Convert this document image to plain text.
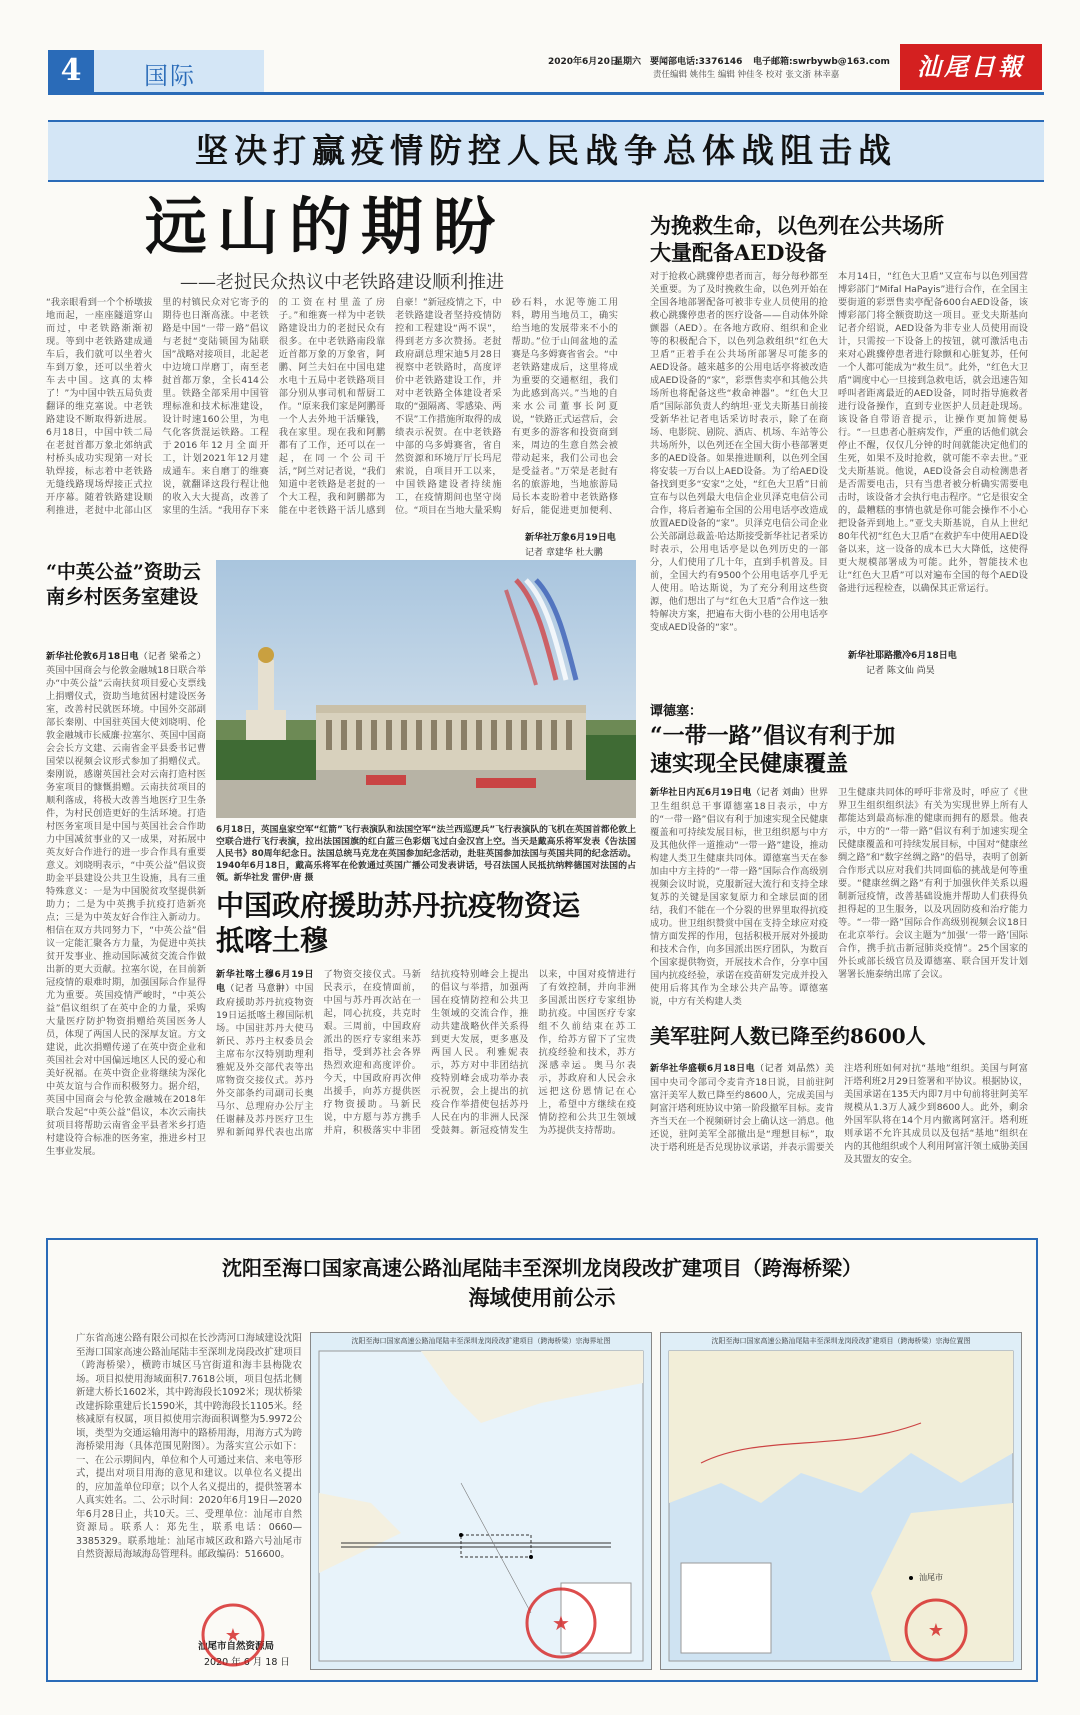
4	国际	2020年6月20日
星期六 要闻部电话:3376146 电子邮箱:swrbywb@163.com
责任编辑 姚伟生 编辑 钟佳冬 校对 张文浙 林幸嘉	汕尾日報
坚决打赢疫情防控人民战争总体战阻击战
远山的期盼
——老挝民众热议中老铁路建设顺利推进
“我亲眼看到一个个桥墩拔地而起，一座座隧道穿山而过，中老铁路渐渐初现。等到中老铁路建成通车后，我们就可以坐着火车到万象，还可以坐着火车去中国。这真的太棒了！”为中国中铁五局负责翻译的维克塞说。中老铁路建设不断取得新进展。6月18日，中国中铁二局在老挝首都万象北郊纳武村桥头成功实现第一对长轨焊接，标志着中老铁路无缝线路现场焊接正式拉开序幕。随着铁路建设顺利推进，老挝中北部山区里的村镇民众对它寄予的期待也日渐高涨。中老铁路是中国“一带一路”倡议与老挝“变陆锁国为陆联国”战略对接项目，北起老中边境口岸磨丁，南至老挝首都万象，全长414公里。铁路全部采用中国管理标准和技术标准建设，设计时速160公里，为电气化客货混运铁路。工程于2016年12月全面开工，计划2021年12月建成通车。来自磨丁的维赛说，就翻译这段行程让他的收入大大提高，改善了家里的生活。“我用存下来的工资在村里盖了房子。”和维赛一样为中老铁路建设出力的老挝民众有很多。在中老铁路南段靠近首都万象的万象省，阿鹏、阿兰夫妇在中国电建水电十五局中老铁路项目部分别从事司机和帮厨工作。“原来我们家是阿鹏哥一个人去外地干活赚钱，我在家里。现在我和阿鹏都有了工作，还可以在一起，在同一个公司干活，”阿兰对记者说，“我们知道中老铁路是老挝的一个大工程，我和阿鹏都为能在中老铁路干活儿感到自豪！”新冠疫情之下，中老铁路建设者坚持疫情防控和工程建设“两不误”，得到老方多次赞扬。老挝政府副总理宋迪5月28日视察中老铁路时，高度评价中老铁路建设工作，并对中老铁路全体建设者采取的“强隔离、零感染、两不误”工作措施所取得的成绩表示祝贺。在中老铁路中部的乌多姆赛省，省自然资源和环境厅厅长玛尼索说，自项目开工以来，中国铁路建设者持续施工，在疫情期间也坚守岗位。“项目在当地大量采购砂石料，水泥等施工用料，聘用当地员工，确实给当地的发展带来不小的帮助。”位于山间盆地的孟赛是乌多姆赛省省会。“中老铁路建成后，这里将成为重要的交通枢纽，我们为此感到高兴。”当地的自来水公司董事长阿夏说，“铁路正式运营后，会有更多的游客和投资商到来，周边的生意自然会被带动起来，我们公司也会是受益者。”万荣是老挝有名的旅游地，当地旅游局局长本麦盼着中老铁路修好后，能促进更加便利、
新华社万象6月19日电
记者 章建华 杜大鹏
为挽救生命，以色列在公共场所大量配备AED设备
对于抢救心跳骤停患者而言，每分每秒都至关重要。为了及时挽救生命，以色列开始在全国各地部署配备可被非专业人员使用的抢救心跳骤停患者的医疗设备——自动体外除颤器（AED）。在各地方政府、组织和企业等的积极配合下，以色列急救组织“红色大卫盾”正着手在公共场所部署尽可能多的AED设备。越来越多的公用电话亭将被改造成AED设备的“家”，彩票售卖亭和其他公共场所也将配备这些“救命神器”。“红色大卫盾”国际部负责人约纳坦·亚戈夫斯基日前接受新华社记者电话采访时表示，除了在商场、电影院、剧院、酒店、机场、车站等公共场所外，以色列还在全国大街小巷部署更多的AED设备。如果推进顺利，以色列全国将安装一万台以上AED设备。为了给AED设备找到更多“安家”之处，“红色大卫盾”日前宣布与以色列最大电信企业贝泽克电信公司合作，将后者遍布全国的公用电话亭改造成放置AED设备的“家”。贝泽克电信公司企业公关部副总裁盖·哈达斯接受新华社记者采访时表示，公用电话亭是以色列历史的一部分，人们使用了几十年，直到手机普及。目前，全国大约有9500个公用电话亭几乎无人使用。哈达斯说，为了充分利用这些资源，他们想出了与“红色大卫盾”合作这一独特解决方案，把遍布大街小巷的公用电话亭变成AED设备的“家”。
本月14日，“红色大卫盾”又宣布与以色列国营博彩部门“Mifal HaPayis”进行合作，在全国主要街道的彩票售卖亭配备600台AED设备，该博彩部门将全额资助这一项目。亚戈夫斯基向记者介绍说，AED设备为非专业人员使用而设计，只需按一下设备上的按钮，就可激活电击来对心跳骤停患者进行除颤和心脏复苏，任何一个人都可能成为“救生员”。此外，“红色大卫盾”调度中心一旦接到急救电话，就会迅速告知呼叫者距离最近的AED设备，同时指导施救者进行设备操作，直到专业医护人员赶赴现场。该设备自带语音提示，让操作更加简便易行。“一旦患者心脏病发作，严重的话他们就会停止不醒，仅仅几分钟的时间就能决定他们的生死，如果不及时抢救，就可能不幸去世。”亚戈夫斯基说。他说，AED设备会自动检测患者是否需要电击，只有当患者被分析确实需要电击时，该设备才会执行电击程序。“它是很安全的，最糟糕的事情也就是你可能会操作不小心把设备弄到地上。”亚戈夫斯基说，自从上世纪80年代初“红色大卫盾”在救护车中使用AED设备以来，这一设备的成本已大大降低，这使得更大规模部署成为可能。此外，智能技术也让“红色大卫盾”可以对遍布全国的每个AED设备进行远程检查，以确保其正常运行。
新华社耶路撒冷6月18日电
记者 陈文仙 尚昊
“中英公益”资助云南乡村医务室建设
新华社伦敦6月18日电（记者 梁希之）英国中国商会与伦敦金融城18日联合举办“中英公益”云南扶贫项目爱心支票线上捐赠仪式，资助当地贫困村建设医务室，改善村民就医环境。中国外交部副部长秦刚、中国驻英国大使刘晓明、伦敦金融城市长威廉·拉塞尔、英国中国商会会长方文建、云南省金平县委书记曹国荣以视频会议形式参加了捐赠仪式。秦刚说，感谢英国社会对云南打造村医务室项目的慷慨捐赠。云南扶贫项目的顺利落成，将极大改善当地医疗卫生条件，为村民创造更好的生活环境。打造村医务室项目是中国与英国社会合作助力中国减贫事业的又一成果，对拓展中英友好合作进行的进一步合作具有重要意义。刘晓明表示，“中英公益”倡议资助金平县建设公共卫生设施，具有三重特殊意义：一是为中国脱贫攻坚提供新助力；二是为中英携手抗疫打造新亮点；三是为中英友好合作注入新动力。相信在双方共同努力下，“中英公益”倡议一定能汇聚各方力量，为促进中英扶贫开发事业、推动国际减贫交流合作做出新的更大贡献。拉塞尔说，在目前新冠疫情的艰难时期，加强国际合作显得尤为重要。英国疫情严峻时，“中英公益”倡议组织了在英中企的力量，采购大量医疗防护物资捐赠给英国医务人员，体现了两国人民的深厚友谊。方文建说，此次捐赠传递了在英中资企业和英国社会对中国偏远地区人民的爱心和美好祝福。在英中资企业将继续为深化中英友谊与合作而积极努力。据介绍，英国中国商会与伦敦金融城在2018年联合发起“中英公益”倡议，本次云南扶贫项目将帮助云南省金平县者米乡打造村建设符合标准的医务室，推进乡村卫生事业发展。
6月18日，英国皇家空军“红箭”飞行表演队和法国空军“法兰西巡逻兵”飞行表演队的飞机在英国首都伦敦上空联合进行飞行表演，拉出法国国旗的红白蓝三色彩烟飞过白金汉宫上空。当天是戴高乐将军发表《告法国人民书》80周年纪念日。法国总统马克龙在英国参加纪念活动，赴驻英国参加法国与英国共同的纪念活动。1940年6月18日，戴高乐将军在伦敦通过英国广播公司发表讲话，号召法国人民抵抗纳粹德国对法国的占领。新华社发 雷伊·唐 摄
谭德塞：
“一带一路”倡议有利于加速实现全民健康覆盖
新华社日内瓦6月19日电（记者 刘曲）世界卫生组织总干事谭德塞18日表示，中方的“一带一路”倡议有利于加速实现全民健康覆盖和可持续发展目标，世卫组织愿与中方及其他伙伴一道推动“一带一路”建设，推动构建人类卫生健康共同体。谭德塞当天在参加由中方主持的“一带一路”国际合作高级别视频会议时说，克服新冠大流行和支持全球复苏的关键是国家复原力和全球层面的团结，我们不能在一个分裂的世界里取得抗疫成功。世卫组织赞赏中国在支持全球应对疫情方面发挥的作用，包括积极开展对外援助和技术合作，向多国派出医疗团队，为数百个国家提供物资，开展技术合作，分享中国国内抗疫经验，承诺在疫苗研发完成并投入使用后将其作为全球公共产品等。谭德塞说，中方有关构建人类
卫生健康共同体的呼吁非常及时，呼应了《世界卫生组织组织法》有关为实现世界上所有人都能达到最高标准的健康而拥有的愿景。他表示，中方的“一带一路”倡议有利于加速实现全民健康覆盖和可持续发展目标，中国对“健康丝绸之路”和“数字丝绸之路”的倡导，表明了创新合作形式以应对我们共同面临的挑战是何等重要。“健康丝绸之路”有利于加强伙伴关系以遏制新冠疫情，改善基础设施并帮助人们获得负担得起的卫生服务，以及巩固防疫和治疗能力等。“一带一路”国际合作高级别视频会议18日在北京举行。会议主题为“加强‘一带一路’国际合作，携手抗击新冠肺炎疫情”。25个国家的外长或部长级官员及谭德塞、联合国开发计划署署长施泰纳出席了会议。
中国政府援助苏丹抗疫物资运抵喀土穆
新华社喀土穆6月19日电（记者 马意翀）中国政府援助苏丹抗疫物资19日运抵喀土穆国际机场。中国驻苏丹大使马新民、苏丹主权委员会主席布尔汉特别助理利雅妮及外交部代表等出席物资交接仪式。苏丹外交部条约司副司长奥马尔、总理府办公厅主任谢赫及苏丹医疗卫生界和新闻界代表也出席了物资交接仪式。马新民表示，在疫情面前，中国与苏丹再次站在一起，同心抗疫，共克时艰。三周前，中国政府派出的医疗专家组来苏指导，受到苏社会各界热烈欢迎和高度评价。今天，中国政府再次伸出援手，向苏方提供医疗物资援助。马新民说，中方愿与苏方携手并肩，积极落实中非团结抗疫特别峰会上提出的倡议与举措，加强两国在疫情防控和公共卫生领域的交流合作，推动共建战略伙伴关系得到更大发展，更多惠及两国人民。利雅妮表示，苏方对中非团结抗疫特别峰会成功举办表示祝贺，会上提出的抗疫合作举措使包括苏丹人民在内的非洲人民深受鼓舞。新冠疫情发生以来，中国对疫情进行了有效控制，并向非洲多国派出医疗专家组协助抗疫。中国医疗专家组不久前结束在苏工作，给苏方留下了宝贵抗疫经验和技术，苏方深感幸运。奥马尔表示，苏政府和人民会永远把这份恩情记在心上，希望中方继续在疫情防控和公共卫生领域为苏提供支持帮助。
美军驻阿人数已降至约8600人
新华社华盛顿6月18日电（记者 刘品然）美国中央司令部司令麦肯齐18日说，目前驻阿富汗美军人数已降至约8600人，完成美国与阿富汗塔利班协议中第一阶段撤军目标。麦肯齐当天在一个视频研讨会上确认这一消息。他还说，驻阿美军全部撤出是“理想目标”，取决于塔利班是否兑现协议承诺，并表示需要关注塔利班如何对抗“基地”组织。美国与阿富汗塔利班2月29日签署和平协议。根据协议，美国承诺在135天内即7月中旬前将驻阿美军规模从1.3万人减少到8600人。此外，剩余外国军队将在14个月内撤离阿富汗。塔利班则承诺不允许其成员以及包括“基地”组织在内的其他组织或个人利用阿富汗领土威胁美国及其盟友的安全。
沈阳至海口国家高速公路汕尾陆丰至深圳龙岗段改扩建项目（跨海桥梁）
海域使用前公示
广东省高速公路有限公司拟在长沙湾河口海域建设沈阳至海口国家高速公路汕尾陆丰至深圳龙岗段改扩建项目（跨海桥梁），横跨市城区马宫街道和海丰县梅陇农场。项目拟使用海域面积7.7618公顷，项目包括北侧新建大桥长1602米，其中跨海段长1092米；现状桥梁改建拆除重建后长1590米，其中跨海段长1105米。经核减原有权属，项目拟使用宗海面积调整为5.9972公顷，类型为交通运输用海中的路桥用海，用海方式为跨海桥梁用海（具体范围见附图）。为落实宣公示如下：一、在公示期间内，单位和个人可通过来信、来电等形式，提出对项目用海的意见和建议。以单位名义提出的，应加盖单位印章；以个人名义提出的，提供签署本人真实姓名。二、公示时间：2020年6月19日—2020年6月28日止，共10天。三、受理单位：汕尾市自然资源局。联系人：郑先生，联系电话：0660—3385329。联系地址：汕尾市城区政和路六号汕尾市自然资源局海域海岛管理科。邮政编码：516600。
汕尾市自然资源局
2020 年 6 月 18 日
★
沈阳至海口国家高速公路汕尾陆丰至深圳龙岗段改扩建项目（跨海桥梁）宗海界址图
★
沈阳至海口国家高速公路汕尾陆丰至深圳龙岗段改扩建项目（跨海桥梁）宗海位置图
汕尾市
★
